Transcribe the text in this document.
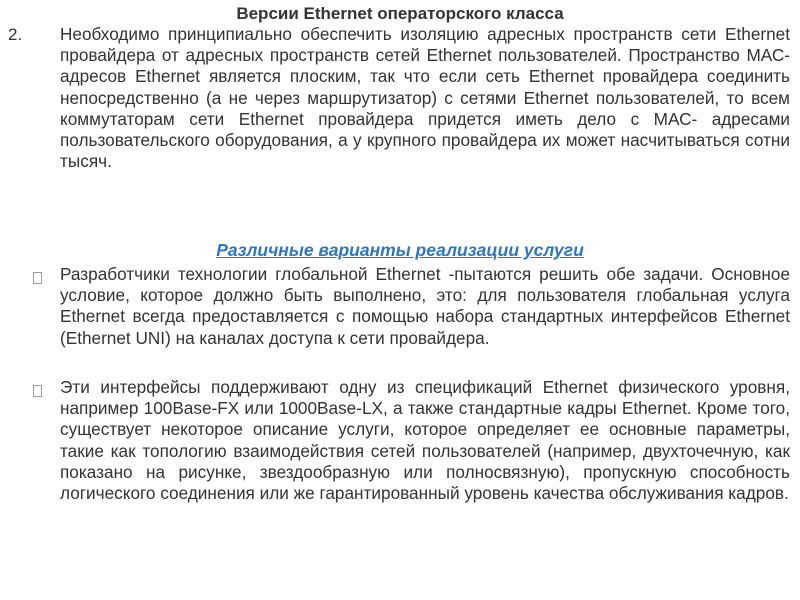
Версии Ethernet операторского класса
2. Необходимо принципиально обеспечить изоляцию адресных пространств сети Ethernet провайдера от адресных пространств сетей Ethernet пользователей. Пространство МАС- адресов Ethernet является плоским, так что если сеть Ethernet провайдера соединить непосредственно (а не через маршрутизатор) с сетями Ethernet пользователей, то всем коммутаторам сети Ethernet провайдера придется иметь дело с МАС- адресами пользовательского оборудования, а у крупного провайдера их может насчитываться сотни тысяч.
Различные варианты реализации услуги
Разработчики технологии глобальной Ethernet -пытаются решить обе задачи. Основное условие, которое должно быть выполнено, это: для пользователя глобальная услуга Ethernet всегда предоставляется с помощью набора стандартных интерфейсов Ethernet (Ethernet UNI) на каналах доступа к сети провайдера.
Эти интерфейсы поддерживают одну из спецификаций Ethernet физического уровня, например 100Base-FX или 1000Base-LX, а также стандартные кадры Ethernet. Кроме того, существует некоторое описание услуги, которое определяет ее основные параметры, такие как топологию взаимодействия сетей пользователей (например, двухточечную, как показано на рисунке, звездообразную или полносвязную), пропускную способность логического соединения или же гарантированный уровень качества обслуживания кадров.
